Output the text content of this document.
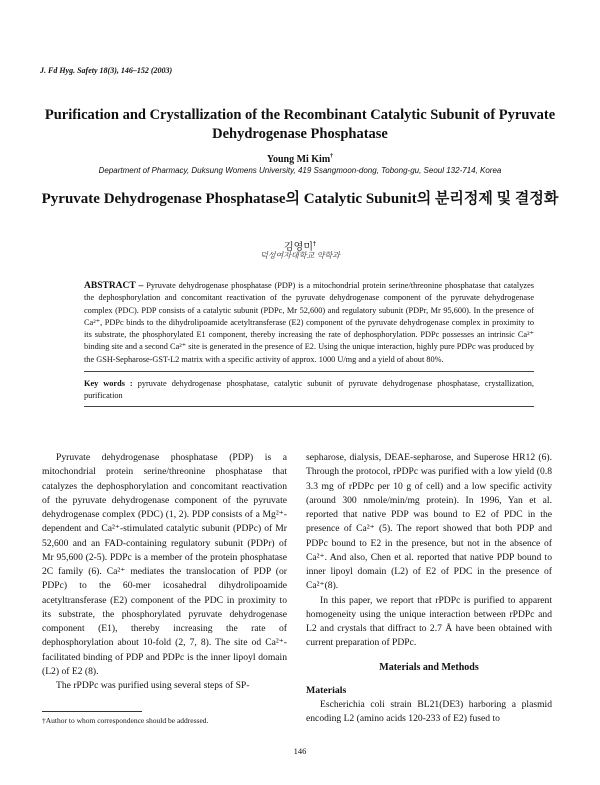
J. Fd Hyg. Safety 18(3), 146–152 (2003)
Purification and Crystallization of the Recombinant Catalytic Subunit of Pyruvate Dehydrogenase Phosphatase
Young Mi Kim†
Department of Pharmacy, Duksung Womens University, 419 Ssangmoon-dong, Tobong-gu, Seoul 132-714, Korea
Pyruvate Dehydrogenase Phosphatase의 Catalytic Subunit의 분리정제 및 결정화
김영미†
덕성여자대학교 약학과
ABSTRACT – Pyruvate dehydrogenase phosphatase (PDP) is a mitochondrial protein serine/threonine phosphatase that catalyzes the dephosphorylation and concomitant reactivation of the pyruvate dehydrogenase component of the pyruvate dehydrogenase complex (PDC). PDP consists of a catalytic subunit (PDPc, Mr 52,600) and regulatory subunit (PDPr, Mr 95,600). In the presence of Ca²⁺, PDPc binds to the dihydrolipoamide acetyltransferase (E2) component of the pyruvate dehydrogenase complex in proximity to its substrate, the phosphorylated E1 component, thereby increasing the rate of dephosphorylation. PDPc possesses an intrinsic Ca²⁺ binding site and a second Ca²⁺ site is generated in the presence of E2. Using the unique interaction, highly pure PDPc was produced by the GSH-Sepharose-GST-L2 matrix with a specific activity of approx. 1000 U/mg and a yield of about 80%.
Key words : pyruvate dehydrogenase phosphatase, catalytic subunit of pyruvate dehydrogenase phosphatase, crystallization, purification

Pyruvate dehydrogenase phosphatase (PDP) is a mitochondrial protein serine/threonine phosphatase that catalyzes the dephosphorylation and concomitant reactivation of the pyruvate dehydrogenase component of the pyruvate dehydrogenase complex (PDC) (1, 2). PDP consists of a Mg²⁺-dependent and Ca²⁺-stimulated catalytic subunit (PDPc) of Mr 52,600 and an FAD-containing regulatory subunit (PDPr) of Mr 95,600 (2-5). PDPc is a member of the protein phosphatase 2C family (6). Ca²⁺ mediates the translocation of PDP (or PDPc) to the 60-mer icosahedral dihydrolipoamide acetyltransferase (E2) component of the PDC in proximity to its substrate, the phosphorylated pyruvate dehydrogenase component (E1), thereby increasing the rate of dephosphorylation about 10-fold (2, 7, 8). The site od Ca²⁺-facilitated binding of PDP and PDPc is the inner lipoyl domain (L2) of E2 (8).

The rPDPc was purified using several steps of SP-

sepharose, dialysis, DEAE-sepharose, and Superose HR12 (6). Through the protocol, rPDPc was purified with a low yield (0.8 3.3 mg of rPDPc per 10 g of cell) and a low specific activity (around 300 nmole/min/mg protein). In 1996, Yan et al. reported that native PDP was bound to E2 of PDC in the presence of Ca²⁺ (5). The report showed that both PDP and PDPc bound to E2 in the presence, but not in the absence of Ca²⁺. And also, Chen et al. reported that native PDP bound to inner lipoyl domain (L2) of E2 of PDC in the presence of Ca²⁺(8).

In this paper, we report that rPDPc is purified to apparent homogeneity using the unique interaction between rPDPc and L2 and crystals that diffract to 2.7 Å have been obtained with current preparation of PDPc.

Materials and Methods

Materials

Escherichia coli strain BL21(DE3) harboring a plasmid encoding L2 (amino acids 120-233 of E2) fused to

†Author to whom correspondence should be addressed.
146
